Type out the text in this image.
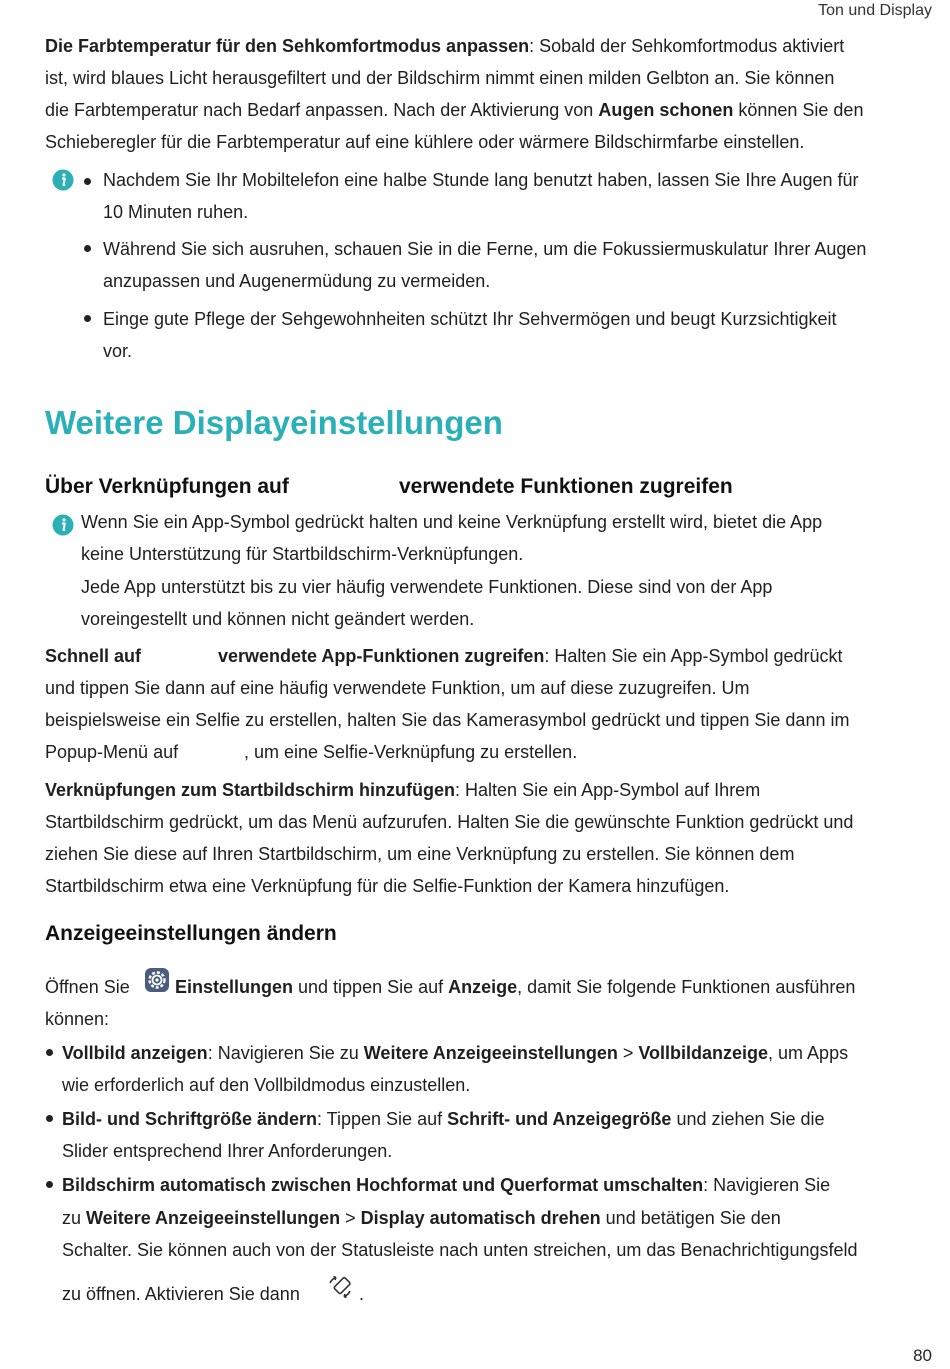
Ton und Display
Die Farbtemperatur für den Sehkomfortmodus anpassen: Sobald der Sehkomfortmodus aktiviert
ist, wird blaues Licht herausgefiltert und der Bildschirm nimmt einen milden Gelbton an. Sie können
die Farbtemperatur nach Bedarf anpassen. Nach der Aktivierung von Augen schonen können Sie den
Schieberegler für die Farbtemperatur auf eine kühlere oder wärmere Bildschirmfarbe einstellen.
Nachdem Sie Ihr Mobiltelefon eine halbe Stunde lang benutzt haben, lassen Sie Ihre Augen für
10 Minuten ruhen.
Während Sie sich ausruhen, schauen Sie in die Ferne, um die Fokussiermuskulatur Ihrer Augen
anzupassen und Augenermüdung zu vermeiden.
Einge gute Pflege der Sehgewohnheiten schützt Ihr Sehvermögen und beugt Kurzsichtigkeit
vor.
Weitere Displayeinstellungen
Über Verknüpfungen auf	verwendete Funktionen zugreifen
Wenn Sie ein App-Symbol gedrückt halten und keine Verknüpfung erstellt wird, bietet die App
keine Unterstützung für Startbildschirm-Verknüpfungen.
Jede App unterstützt bis zu vier häufig verwendete Funktionen. Diese sind von der App
voreingestellt und können nicht geändert werden.
Schnell auf	verwendete App-Funktionen zugreifen: Halten Sie ein App-Symbol gedrückt
und tippen Sie dann auf eine häufig verwendete Funktion, um auf diese zuzugreifen. Um
beispielsweise ein Selfie zu erstellen, halten Sie das Kamerasymbol gedrückt und tippen Sie dann im
Popup-Menü auf	, um eine Selfie-Verknüpfung zu erstellen.
Verknüpfungen zum Startbildschirm hinzufügen: Halten Sie ein App-Symbol auf Ihrem
Startbildschirm gedrückt, um das Menü aufzurufen. Halten Sie die gewünschte Funktion gedrückt und
ziehen Sie diese auf Ihren Startbildschirm, um eine Verknüpfung zu erstellen. Sie können dem
Startbildschirm etwa eine Verknüpfung für die Selfie-Funktion der Kamera hinzufügen.
Anzeigeeinstellungen ändern
Öffnen Sie	Einstellungen und tippen Sie auf Anzeige, damit Sie folgende Funktionen ausführen
können:
Vollbild anzeigen: Navigieren Sie zu Weitere Anzeigeeinstellungen > Vollbildanzeige, um Apps
wie erforderlich auf den Vollbildmodus einzustellen.
Bild- und Schriftgröße ändern: Tippen Sie auf Schrift- und Anzeigegröße und ziehen Sie die
Slider entsprechend Ihrer Anforderungen.
Bildschirm automatisch zwischen Hochformat und Querformat umschalten: Navigieren Sie
zu Weitere Anzeigeeinstellungen > Display automatisch drehen und betätigen Sie den
Schalter. Sie können auch von der Statusleiste nach unten streichen, um das Benachrichtigungsfeld
zu öffnen. Aktivieren Sie dann	.
80
